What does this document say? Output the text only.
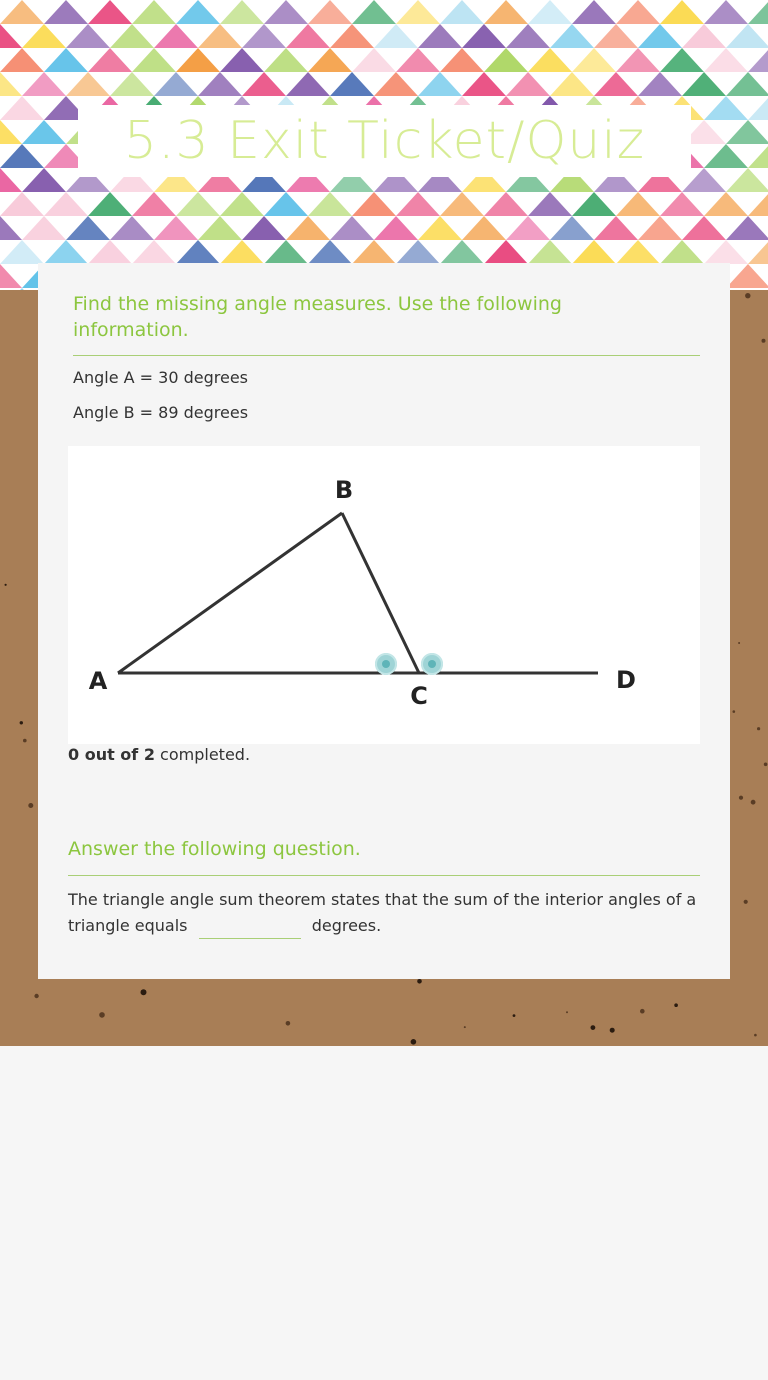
5.3 Exit Ticket/Quiz
Find the missing angle measures. Use the following information.
Angle A = 30 degrees
Angle B = 89 degrees
B
A
C
D
0 out of 2 completed.
Answer the following question.
The triangle angle sum theorem states that the sum of the interior angles of a triangle equals	degrees.
